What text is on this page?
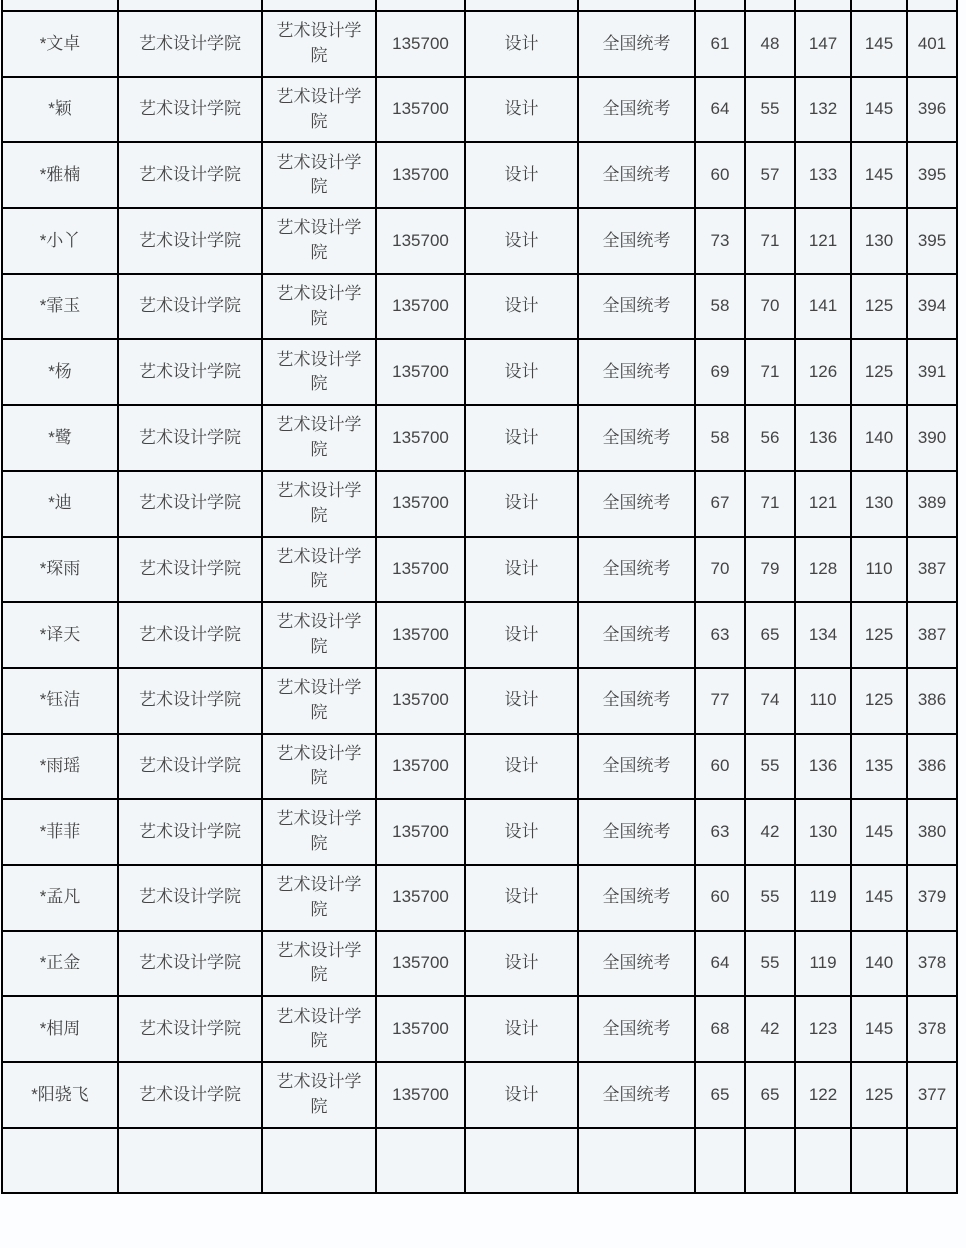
*文卓	艺术设计学院	艺术设计学院	135700	设计	全国统考	61	48	147	145	401
*颖	艺术设计学院	艺术设计学院	135700	设计	全国统考	64	55	132	145	396
*雅楠	艺术设计学院	艺术设计学院	135700	设计	全国统考	60	57	133	145	395
*小丫	艺术设计学院	艺术设计学院	135700	设计	全国统考	73	71	121	130	395
*霏玉	艺术设计学院	艺术设计学院	135700	设计	全国统考	58	70	141	125	394
*杨	艺术设计学院	艺术设计学院	135700	设计	全国统考	69	71	126	125	391
*鹭	艺术设计学院	艺术设计学院	135700	设计	全国统考	58	56	136	140	390
*迪	艺术设计学院	艺术设计学院	135700	设计	全国统考	67	71	121	130	389
*琛雨	艺术设计学院	艺术设计学院	135700	设计	全国统考	70	79	128	110	387
*译天	艺术设计学院	艺术设计学院	135700	设计	全国统考	63	65	134	125	387
*钰洁	艺术设计学院	艺术设计学院	135700	设计	全国统考	77	74	110	125	386
*雨瑶	艺术设计学院	艺术设计学院	135700	设计	全国统考	60	55	136	135	386
*菲菲	艺术设计学院	艺术设计学院	135700	设计	全国统考	63	42	130	145	380
*孟凡	艺术设计学院	艺术设计学院	135700	设计	全国统考	60	55	119	145	379
*正金	艺术设计学院	艺术设计学院	135700	设计	全国统考	64	55	119	140	378
*相周	艺术设计学院	艺术设计学院	135700	设计	全国统考	68	42	123	145	378
*阳骁飞	艺术设计学院	艺术设计学院	135700	设计	全国统考	65	65	122	125	377
